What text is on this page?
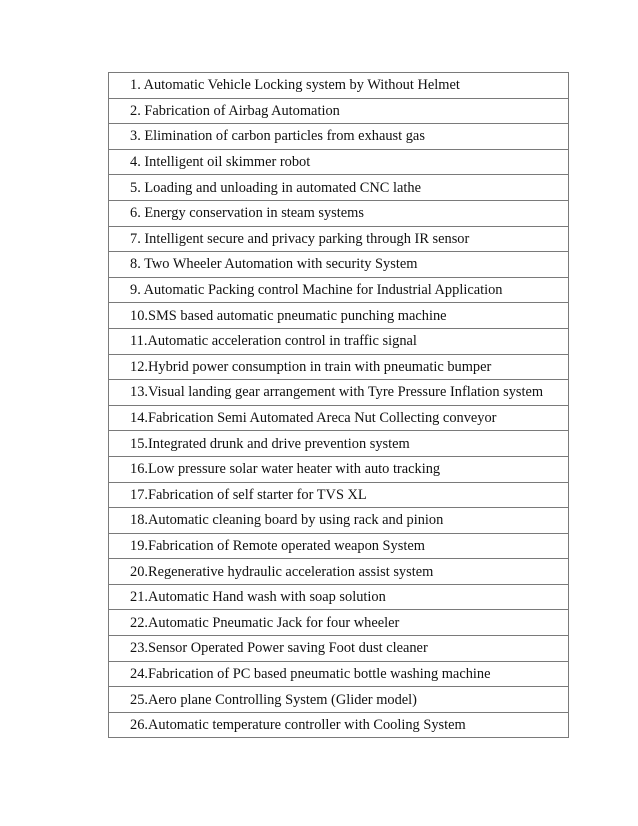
1. Automatic Vehicle Locking system by Without Helmet
2. Fabrication of Airbag Automation
3. Elimination of carbon particles from exhaust gas
4. Intelligent oil skimmer robot
5. Loading and unloading in automated CNC lathe
6. Energy conservation in steam systems
7. Intelligent secure and privacy parking through IR sensor
8. Two Wheeler Automation with security System
9. Automatic Packing control Machine for Industrial Application
10.SMS based automatic pneumatic punching machine
11.Automatic acceleration control in traffic signal
12.Hybrid power consumption in train with pneumatic bumper
13.Visual landing gear arrangement with Tyre Pressure Inflation system
14.Fabrication Semi Automated Areca Nut Collecting conveyor
15.Integrated drunk and drive prevention system
16.Low pressure solar water heater with auto tracking
17.Fabrication of self starter for TVS XL
18.Automatic cleaning board by using rack and pinion
19.Fabrication of Remote operated weapon System
20.Regenerative hydraulic acceleration assist system
21.Automatic Hand wash with soap solution
22.Automatic Pneumatic Jack for four wheeler
23.Sensor Operated Power saving Foot dust cleaner
24.Fabrication of PC based pneumatic bottle washing machine
25.Aero plane Controlling System (Glider model)
26.Automatic temperature controller with Cooling System
